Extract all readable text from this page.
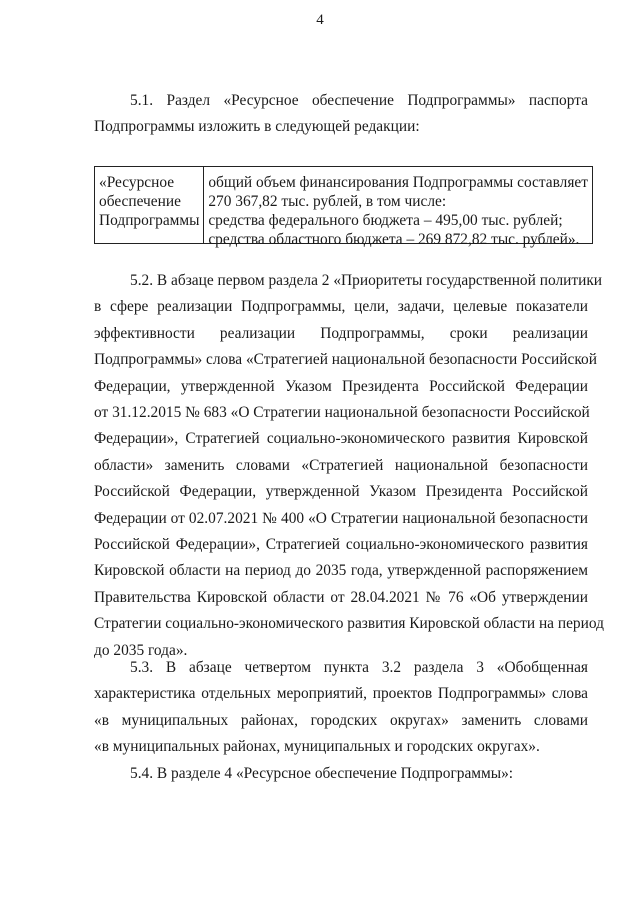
4
5.1.  Раздел  «Ресурсное  обеспечение  Подпрограммы»  паспорта
Подпрограммы изложить в следующей редакции:
«Ресурсное
обеспечение
Подпрограммы
общий объем финансирования Подпрограммы составляет
270 367,82 тыс. рублей, в том числе:
средства федерального бюджета – 495,00 тыс. рублей;
средства областного бюджета – 269 872,82 тыс. рублей».
5.2. В абзаце первом раздела 2 «Приоритеты государственной политики
в сфере реализации Подпрограммы, цели, задачи, целевые показатели
эффективности реализации Подпрограммы, сроки реализации
Подпрограммы» слова «Стратегией национальной безопасности Российской
Федерации, утвержденной Указом Президента Российской Федерации
от 31.12.2015 № 683 «О Стратегии национальной безопасности Российской
Федерации», Стратегией социально-экономического развития Кировской
области» заменить словами «Стратегией национальной безопасности
Российской Федерации, утвержденной Указом Президента Российской
Федерации от 02.07.2021 № 400 «О Стратегии национальной безопасности
Российской Федерации», Стратегией социально-экономического развития
Кировской области на период до 2035 года, утвержденной распоряжением
Правительства Кировской области от 28.04.2021 № 76 «Об утверждении
Стратегии социально-экономического развития Кировской области на период
до 2035 года».
5.3. В абзаце четвертом пункта 3.2 раздела 3 «Обобщенная
характеристика отдельных мероприятий, проектов Подпрограммы» слова
«в муниципальных районах, городских округах» заменить словами
«в муниципальных районах, муниципальных и городских округах».
5.4. В разделе 4 «Ресурсное обеспечение Подпрограммы»:
